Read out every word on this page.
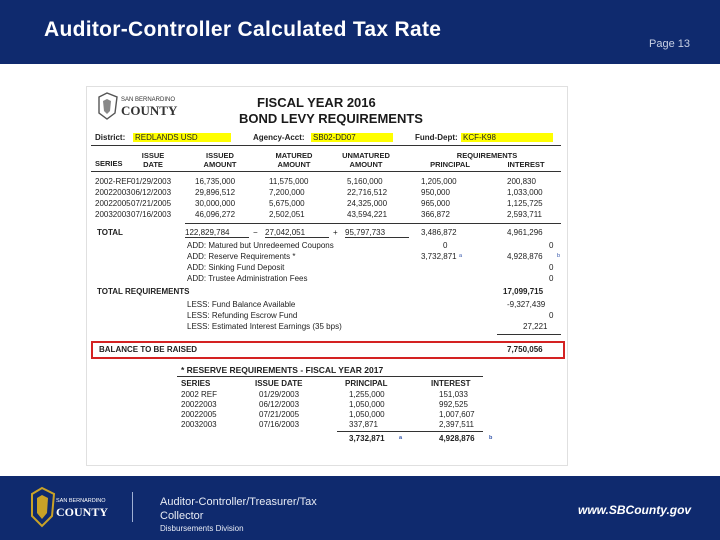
Auditor-Controller Calculated Tax Rate
Page 13
SAN BERNARDINO
COUNTY
FISCAL YEAR 2016
BOND LEVY REQUIREMENTS
District: REDLANDS USD	Agency-Acct: SB02-DD07	Fund-Dept: KCF-K98
SERIES
ISSUE
DATE
ISSUED
AMOUNT
MATURED
AMOUNT
UNMATURED
AMOUNT
REQUIREMENTS
PRINCIPAL	INTEREST
2002-REF 01/29/2003	16,735,000	11,575,000	5,160,000	1,205,000	200,830
20022003 06/12/2003	29,896,512	7,200,000	22,716,512	950,000	1,033,000
20022005 07/21/2005	30,000,000	5,675,000	24,325,000	965,000	1,125,725
20032003 07/16/2003	46,096,272	2,502,051	43,594,221	366,872	2,593,711
TOTAL	122,829,784	− 27,042,051	+ 95,797,733	3,486,872	4,961,296
ADD: Matured but Unredeemed Coupons	0	0
ADD: Reserve Requirements *	3,732,871 a	4,928,876	b
ADD: Sinking Fund Deposit	0
ADD: Trustee Administration Fees	0
TOTAL REQUIREMENTS	17,099,715
LESS: Fund Balance Available	-9,327,439
LESS: Refunding Escrow Fund	0
LESS: Estimated Interest Earnings (35 bps)	27,221
BALANCE TO BE RAISED	7,750,056
* RESERVE REQUIREMENTS - FISCAL YEAR 2017
SERIES	ISSUE DATE	PRINCIPAL	INTEREST
2002 REF	01/29/2003	1,255,000	151,033
20022003	06/12/2003	1,050,000	992,525
20022005	07/21/2005	1,050,000	1,007,607
20032003	07/16/2003	337,871	2,397,511
3,732,871	a	4,928,876	b
SAN BERNARDINO
COUNTY
Auditor-Controller/Treasurer/Tax
Collector
Disbursements Division
www.SBCounty.gov
